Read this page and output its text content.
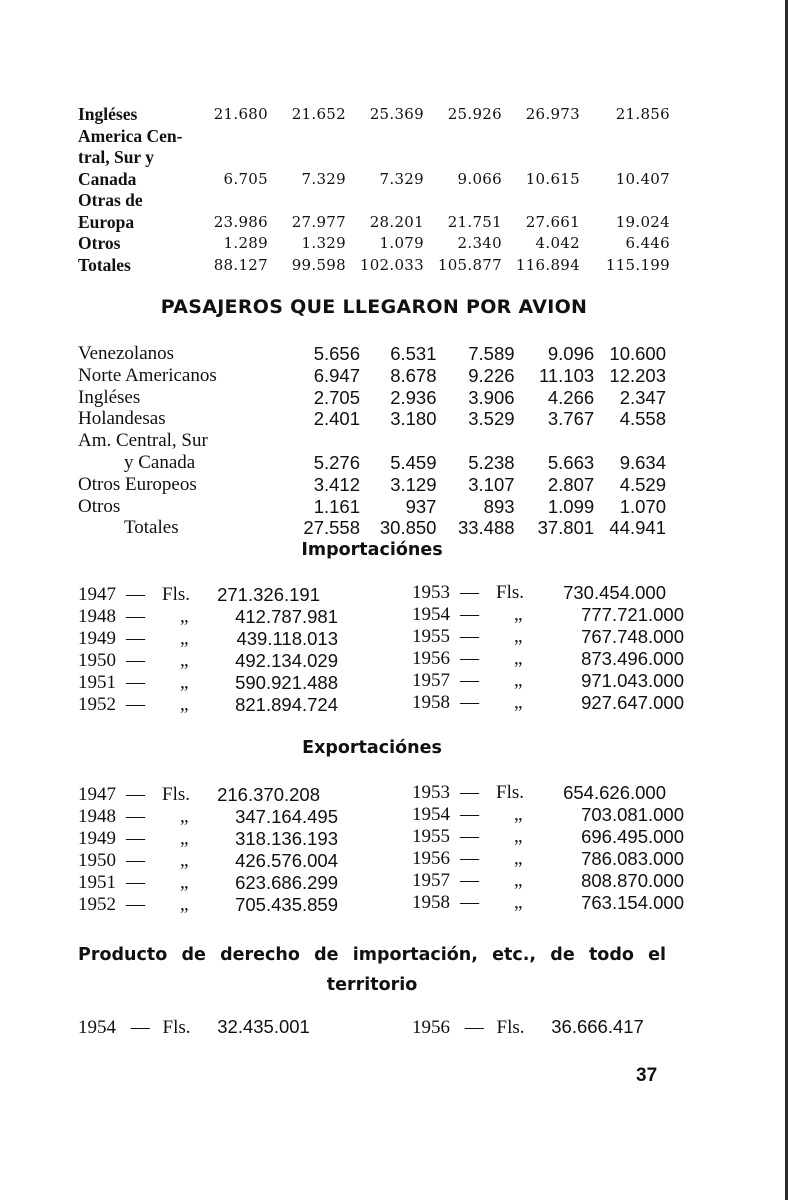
Ingléses	21.680	21.652	25.369	25.926	26.973	21.856
America Cen-						
tral, Sur y						
Canada	6.705	7.329	7.329	9.066	10.615	10.407
Otras de						
Europa	23.986	27.977	28.201	21.751	27.661	19.024
Otros	1.289	1.329	1.079	2.340	4.042	6.446
Totales	88.127	99.598	102.033	105.877	116.894	115.199
PASAJEROS QUE LLEGARON POR AVION
Venezolanos	5.656	6.531	7.589	9.096	10.600
Norte Americanos	6.947	8.678	9.226	11.103	12.203
Ingléses	2.705	2.936	3.906	4.266	2.347
Holandesas	2.401	3.180	3.529	3.767	4.558
Am. Central, Sur					
y Canada	5.276	5.459	5.238	5.663	9.634
Otros Europeos	3.412	3.129	3.107	2.807	4.529
Otros	1.161	937	893	1.099	1.070
Totales	27.558	30.850	33.488	37.801	44.941
Importaciónes
1947 — Fls.	271.326.191
1948 —	„	412.787.981
1949 —	„	439.118.013
1950 —	„	492.134.029
1951 —	„	590.921.488
1952 —	„	821.894.724
1953 — Fls.	730.454.000
1954 —	„	777.721.000
1955 —	„	767.748.000
1956 —	„	873.496.000
1957 —	„	971.043.000
1958 —	„	927.647.000
Exportaciónes
1947 — Fls.	216.370.208
1948 —	„	347.164.495
1949 —	„	318.136.193
1950 —	„	426.576.004
1951 —	„	623.686.299
1952 —	„	705.435.859
1953 — Fls.	654.626.000
1954 —	„	703.081.000
1955 —	„	696.495.000
1956 —	„	786.083.000
1957 —	„	808.870.000
1958 —	„	763.154.000
Producto de derecho de importación, etc., de todo el
territorio
1954 — Fls. 32.435.001	1956 — Fls. 36.666.417
37
